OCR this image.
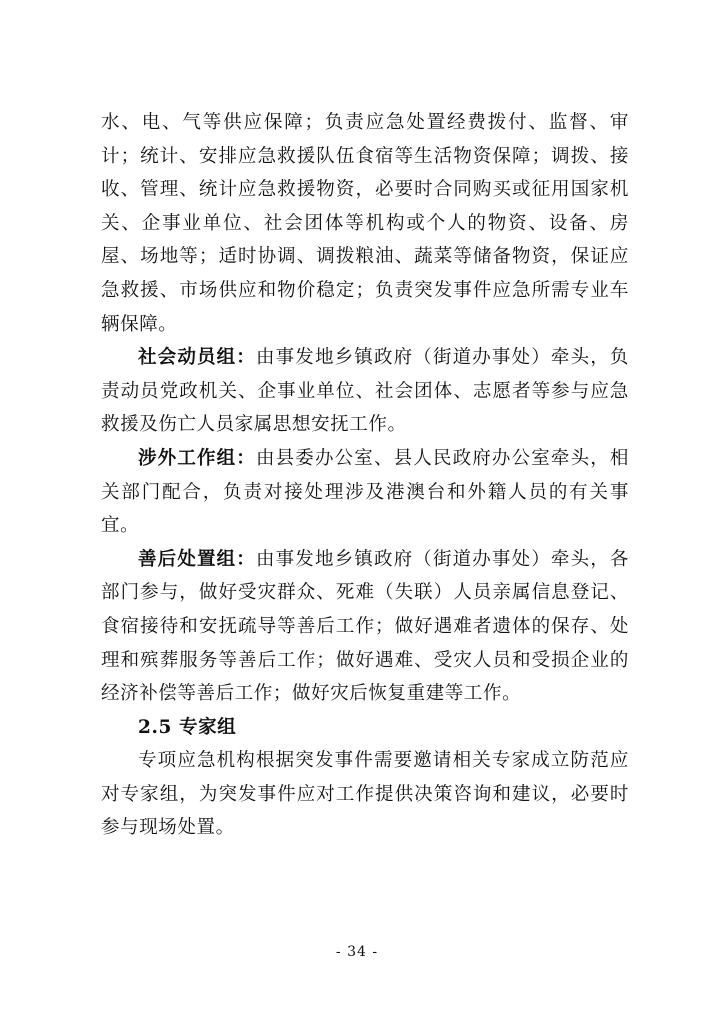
水、电、气等供应保障；负责应急处置经费拨付、监督、审计；统计、安排应急救援队伍食宿等生活物资保障；调拨、接收、管理、统计应急救援物资，必要时合同购买或征用国家机关、企事业单位、社会团体等机构或个人的物资、设备、房屋、场地等；适时协调、调拨粮油、蔬菜等储备物资，保证应急救援、市场供应和物价稳定；负责突发事件应急所需专业车辆保障。

社会动员组：由事发地乡镇政府（街道办事处）牵头，负责动员党政机关、企事业单位、社会团体、志愿者等参与应急救援及伤亡人员家属思想安抚工作。

涉外工作组：由县委办公室、县人民政府办公室牵头，相关部门配合，负责对接处理涉及港澳台和外籍人员的有关事宜。

善后处置组：由事发地乡镇政府（街道办事处）牵头，各部门参与，做好受灾群众、死难（失联）人员亲属信息登记、食宿接待和安抚疏导等善后工作；做好遇难者遗体的保存、处理和殡葬服务等善后工作；做好遇难、受灾人员和受损企业的经济补偿等善后工作；做好灾后恢复重建等工作。

2.5 专家组

专项应急机构根据突发事件需要邀请相关专家成立防范应对专家组，为突发事件应对工作提供决策咨询和建议，必要时参与现场处置。

- 34 -
